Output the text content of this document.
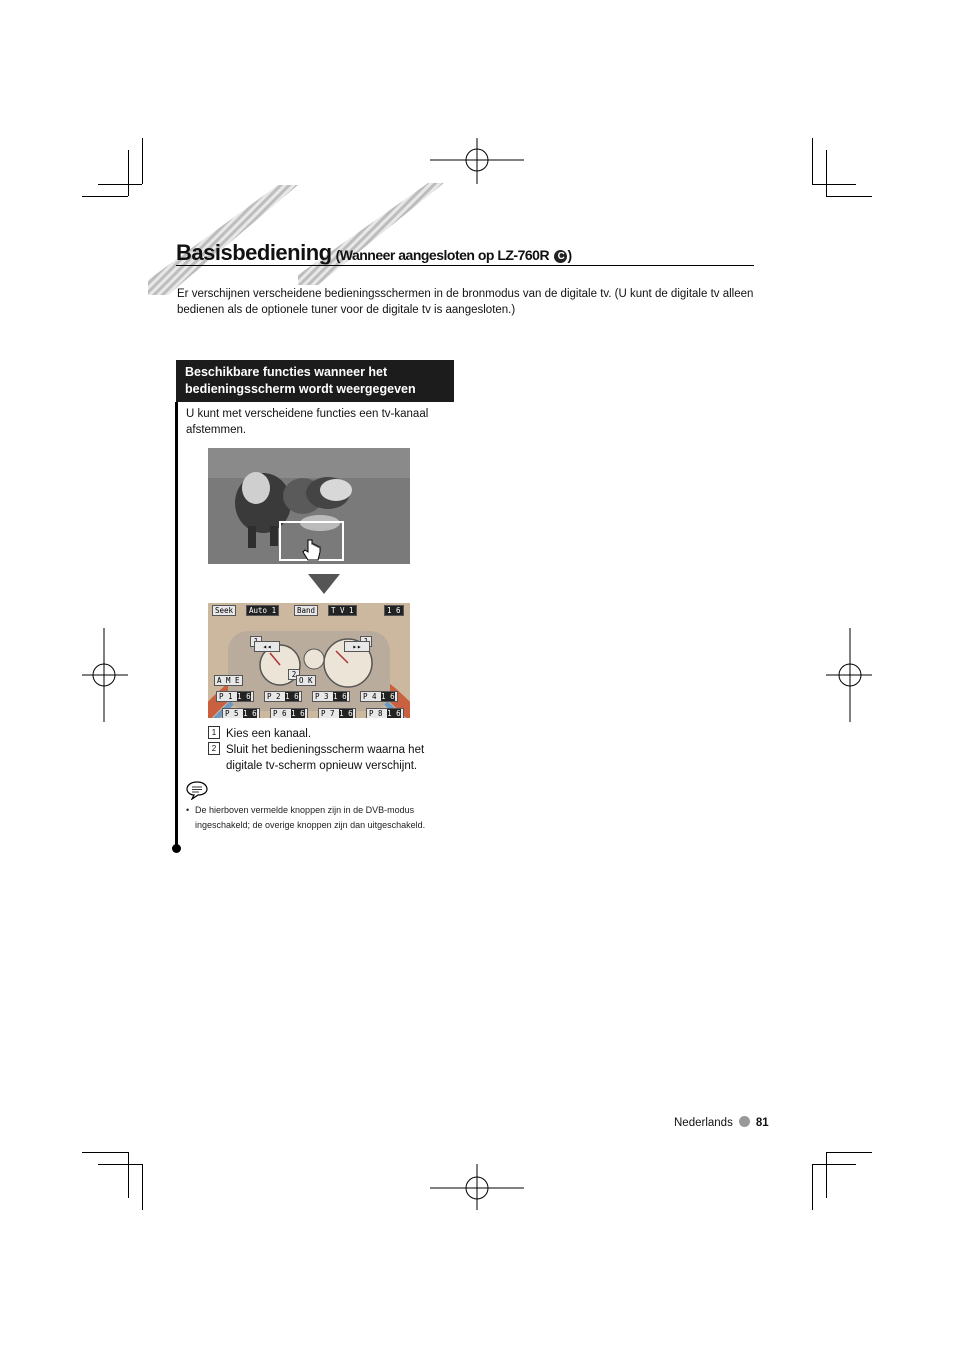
Basisbediening (Wanneer aangesloten op LZ-760R C )
Er verschijnen verscheidene bedieningsschermen in de bronmodus van de digitale tv. (U kunt de digitale tv alleen bedienen als de optionele tuner voor de digitale tv is aangesloten.)
Beschikbare functies wanneer het bedieningsscherm wordt weergegeven
U kunt met verscheidene functies een tv-kanaal afstemmen.
Seek	Auto 1	Band	T V 1	1 6
◂◂	▸▸
A M E
2
O K
P 1 1 6	P 2 1 6	P 3 1 6	P 4 1 6
P 5 1 6	P 6 1 6	P 7 1 6	P 8 1 6
1 Kies een kanaal.
2 Sluit het bedieningsscherm waarna het digitale tv-scherm opnieuw verschijnt.
• De hierboven vermelde knoppen zijn in de DVB-modus ingeschakeld; de overige knoppen zijn dan uitgeschakeld.
Nederlands 81
